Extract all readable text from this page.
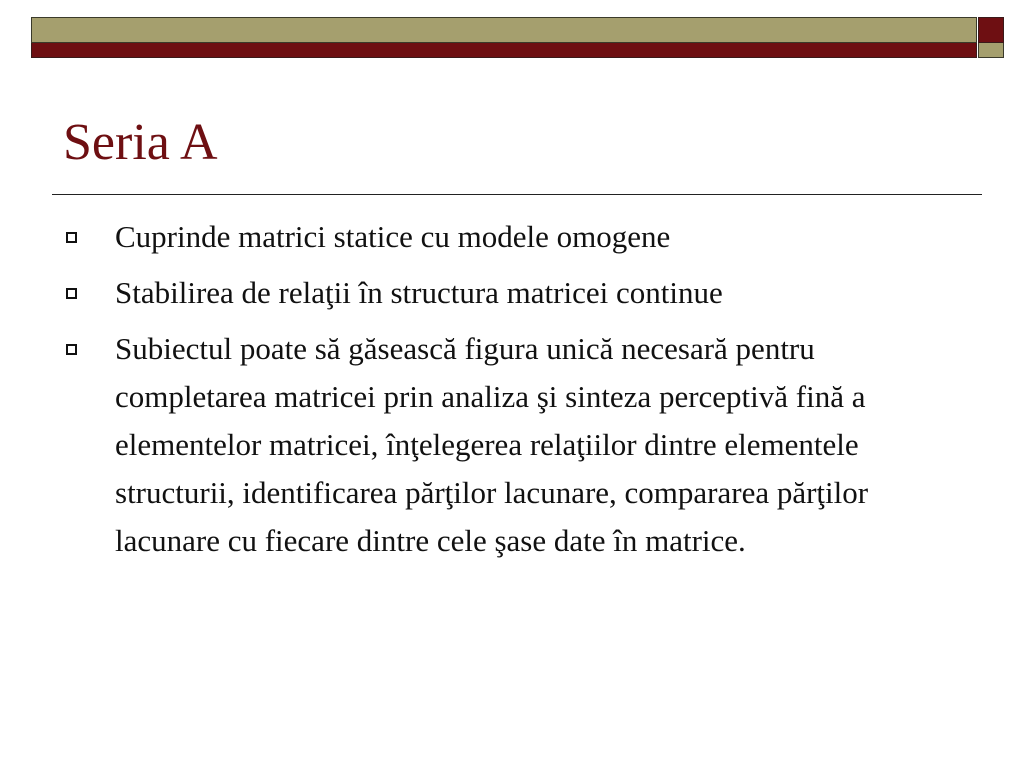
Seria A
Cuprinde matrici statice cu modele omogene
Stabilirea de relaţii în structura matricei continue
Subiectul poate să găsească figura unică necesară pentru completarea matricei prin analiza şi sinteza perceptivă fină a elementelor matricei, înţelegerea relaţiilor dintre elementele structurii, identificarea părţilor lacunare, compararea părţilor lacunare cu fiecare dintre cele şase date în matrice.
